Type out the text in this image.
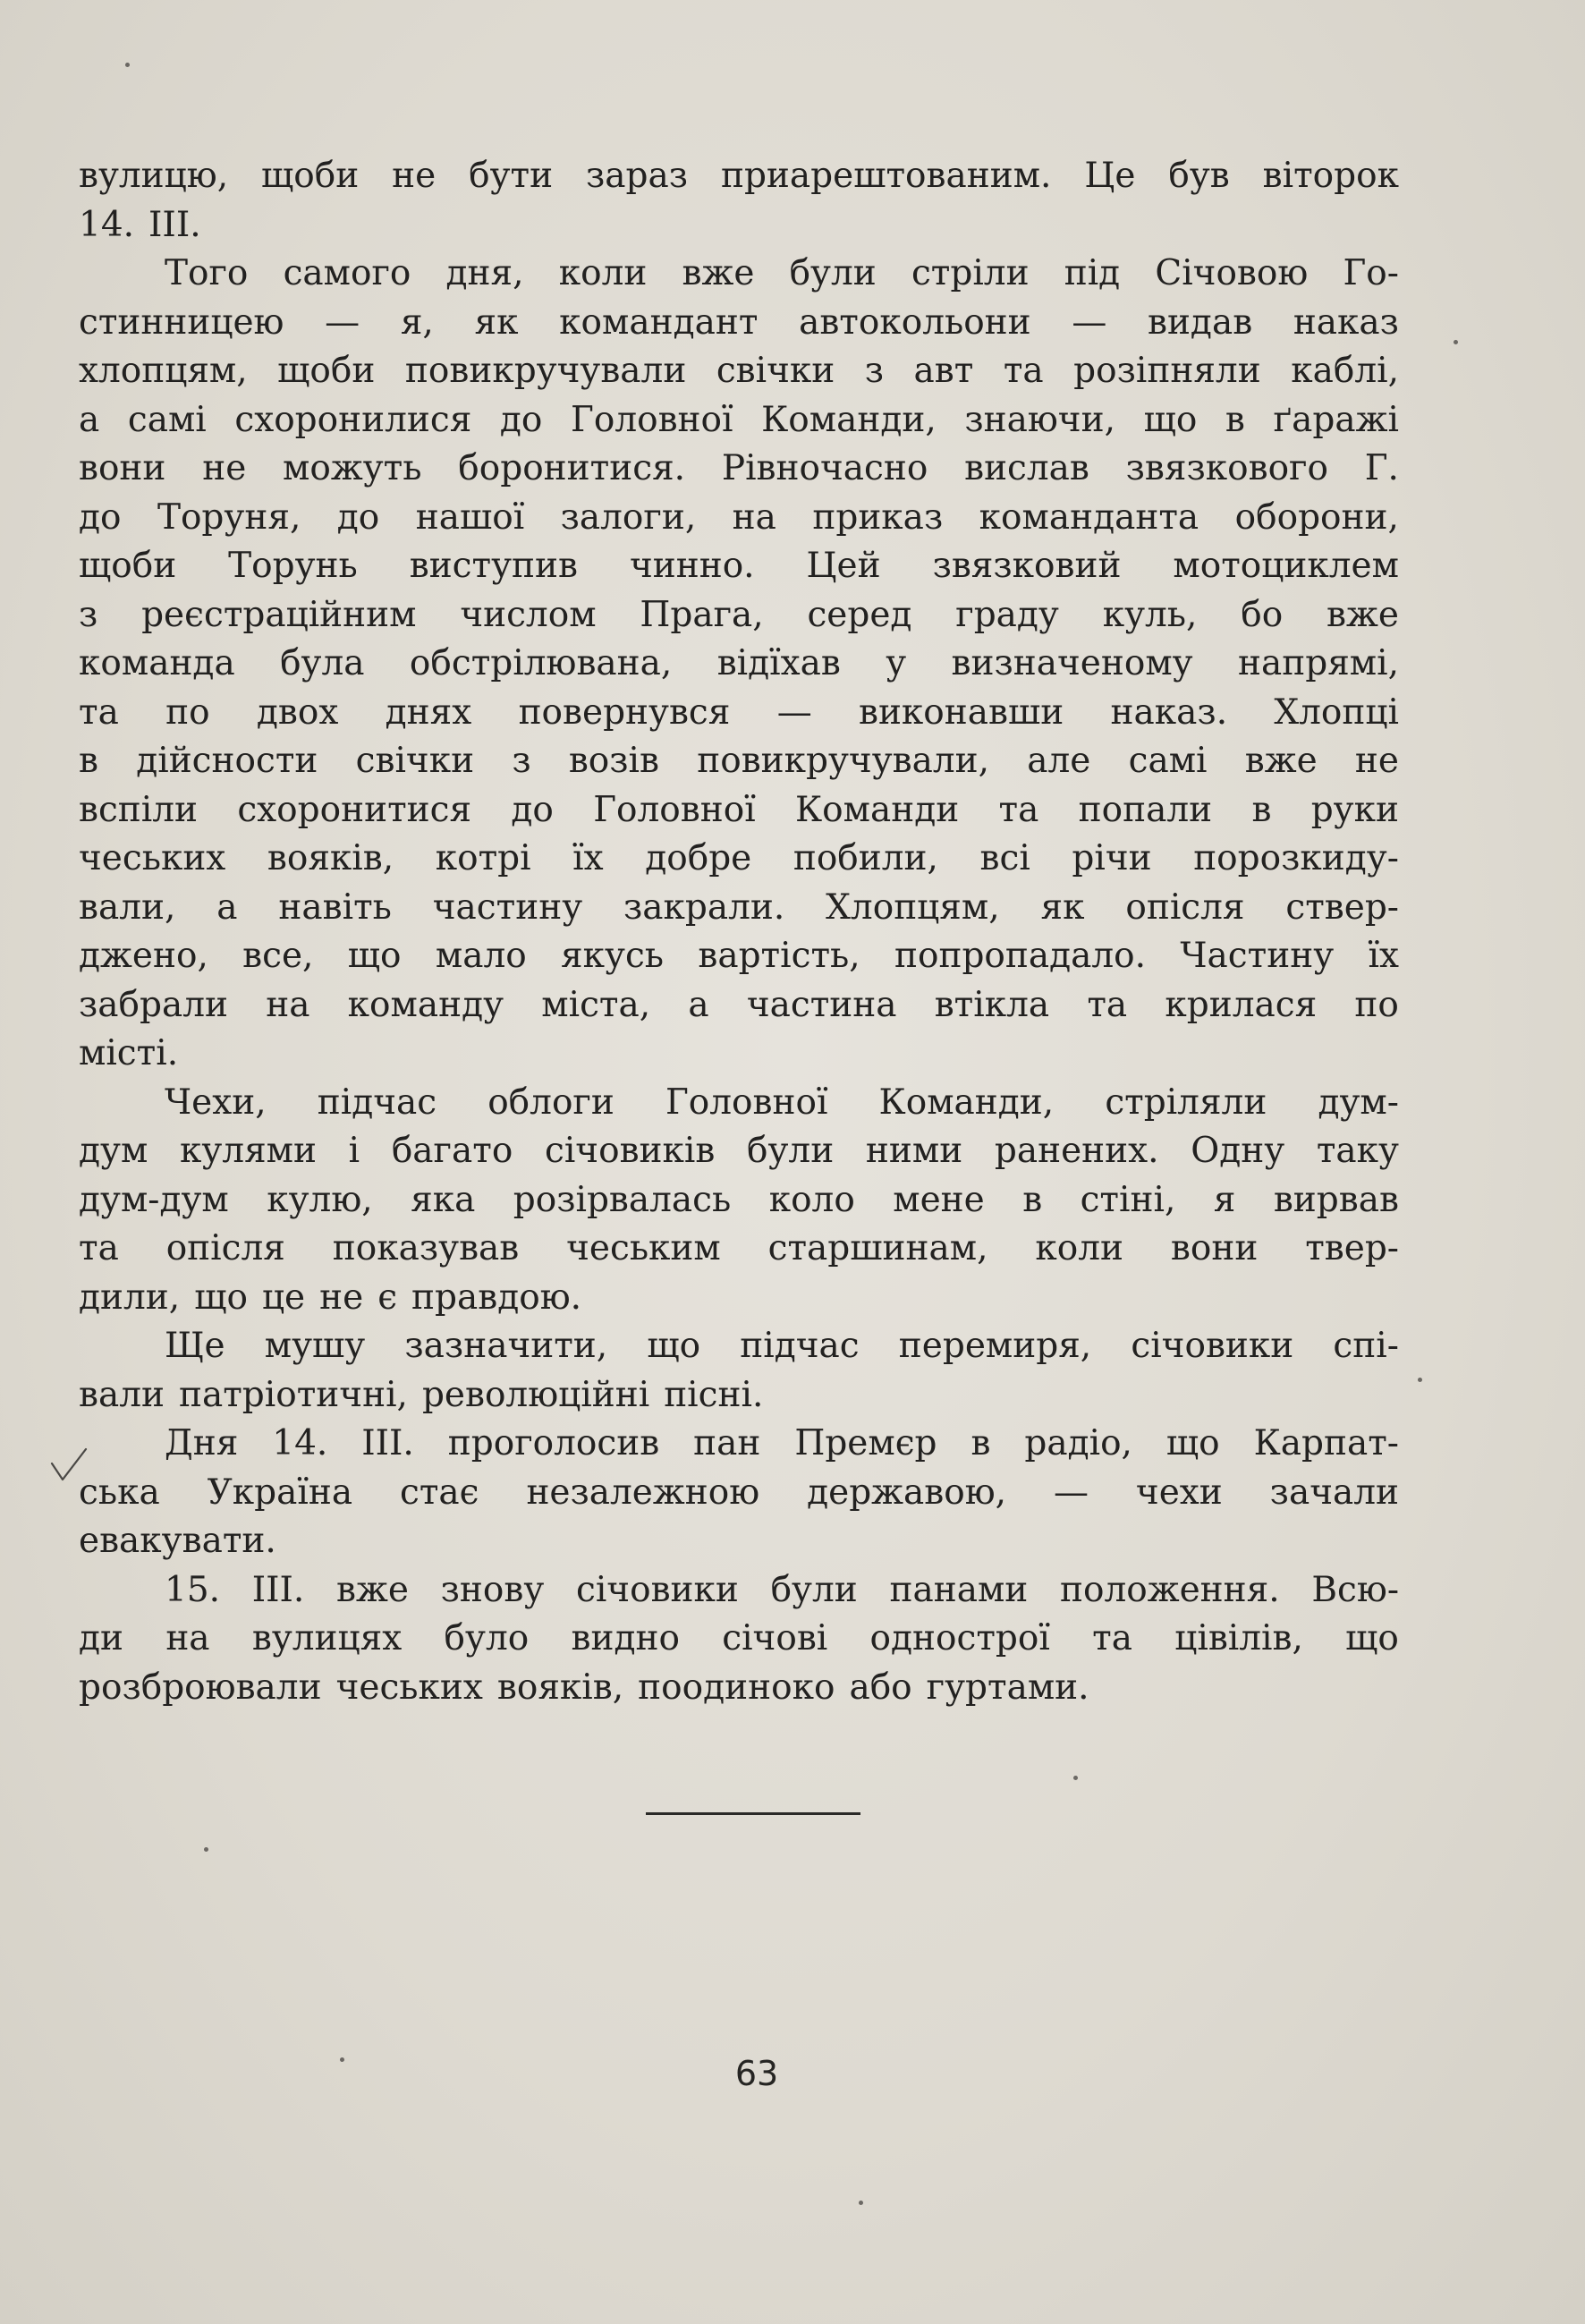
вулицю, щоби не бути зараз приарештованим. Це був віторок
14. III.
Того самого дня, коли вже були стріли під Січовою Го-
стинницею — я, як командант автокольони — видав наказ
хлопцям, щоби повикручували свічки з авт та розіпняли каблі,
а самі схоронилися до Головної Команди, знаючи, що в ґаражі
вони не можуть боронитися. Рівночасно вислав звязкового Г.
до Торуня, до нашої залоги, на приказ команданта оборони,
щоби Торунь виступив чинно. Цей звязковий мотоциклем
з реєстраційним числом Прага, серед граду куль, бо вже
команда була обстрілювана, відїхав у визначеному напрямі,
та по двох днях повернувся — виконавши наказ. Хлопці
в дійсности свічки з возів повикручували, але самі вже не
вспіли схоронитися до Головної Команди та попали в руки
чеських вояків, котрі їх добре побили, всі річи порозкиду-
вали, а навіть частину закрали. Хлопцям, як опісля ствер-
джено, все, що мало якусь вартість, попропадало. Частину їх
забрали на команду міста, а частина втікла та крилася по
місті.
Чехи, підчас облоги Головної Команди, стріляли дум-
дум кулями і багато січовиків були ними ранених. Одну таку
дум-дум кулю, яка розірвалась коло мене в стіні, я вирвав
та опісля показував чеським старшинам, коли вони твер-
дили, що це не є правдою.
Ще мушу зазначити, що підчас перемиря, січовики спі-
вали патріотичні, революційні пісні.
Дня 14. III. проголосив пан Премєр в радіо, що Карпат-
ська Україна стає незалежною державою, — чехи зачали
евакувати.
15. III. вже знову січовики були панами положення. Всю-
ди на вулицях було видно січові однострої та цівілів, що
розброювали чеських вояків, поодиноко або гуртами.
63
